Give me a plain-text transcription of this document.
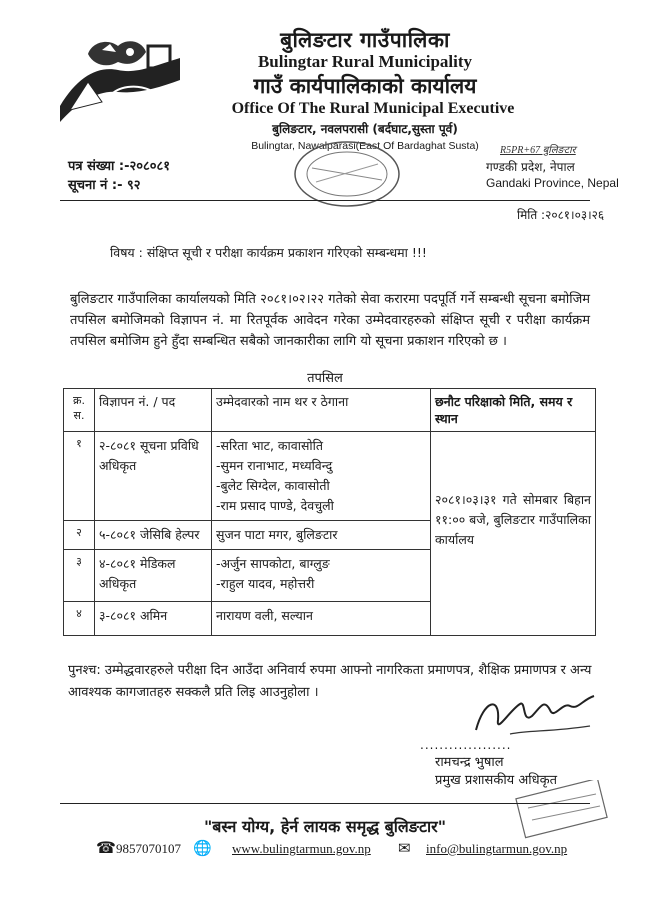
बुलिङटार गाउँपालिका
Bulingtar Rural Municipality
गाउँ कार्यपालिकाको कार्यालय
Office Of The Rural Municipal Executive
बुलिङटार, नवलपरासी (बर्दघाट,सुस्ता पूर्व)
Bulingtar, Nawalparasi(East Of Bardaghat Susta)
पत्र संख्या :-२०८०८१
सूचना नं :- ९२
R5PR+67 बुलिङटार
गण्डकी प्रदेश, नेपाल
Gandaki Province, Nepal
मिति :२०८१।०३।२६
विषय : संक्षिप्त सूची र परीक्षा कार्यक्रम प्रकाशन गरिएको सम्बन्धमा !!!
बुलिङटार गाउँपालिका कार्यालयको मिति २०८१।०२।२२ गतेको सेवा करारमा पदपूर्ति गर्ने सम्बन्धी सूचना बमोजिम तपसिल बमोजिमको विज्ञापन नं. मा रितपूर्वक आवेदन गरेका उम्मेदवारहरुको संक्षिप्त सूची र परीक्षा कार्यक्रम तपसिल बमोजिम हुने हुँदा सम्बन्धित सबैको जानकारीका लागि यो सूचना प्रकाशन गरिएको छ ।
तपसिल
क्र. स.	विज्ञापन नं. / पद	उम्मेदवारको नाम थर र ठेगाना	छनौट परिक्षाको मिति, समय र स्थान
१	२-८०८१ सूचना प्रविधि अधिकृत	-सरिता भाट, कावासोति
-सुमन रानाभाट, मध्यविन्दु
-बुलेट सिग्देल, कावासोती
-राम प्रसाद पाण्डे, देवचुली	२०८१।०३।३१ गते सोमबार बिहान ११:०० बजे, बुलिङटार गाउँपालिका कार्यालय

२	५-८०८१ जेसिबि हेल्पर	सुजन पाटा मगर, बुलिङटार	

३	४-८०८१ मेडिकल अधिकृत	-अर्जुन सापकोटा, बाग्लुङ
-राहुल यादव, महोत्तरी	

४	३-८०८१ अमिन	नारायण वली, सल्यान	
पुनश्च: उम्मेद्धवारहरुले परीक्षा दिन आउँदा अनिवार्य रुपमा आफ्नो नागरिकता प्रमाणपत्र, शैक्षिक प्रमाणपत्र र अन्य आवश्यक कागजातहरु सक्कलै प्रति लिइ आउनुहोला ।
...................
रामचन्द्र भुषाल
प्रमुख प्रशासकीय अधिकृत
"बस्न योग्य, हेर्न लायक समृद्ध बुलिङटार"
☎ 9857070107 🌐 www.bulingtarmun.gov.np ✉ info@bulingtarmun.gov.np
